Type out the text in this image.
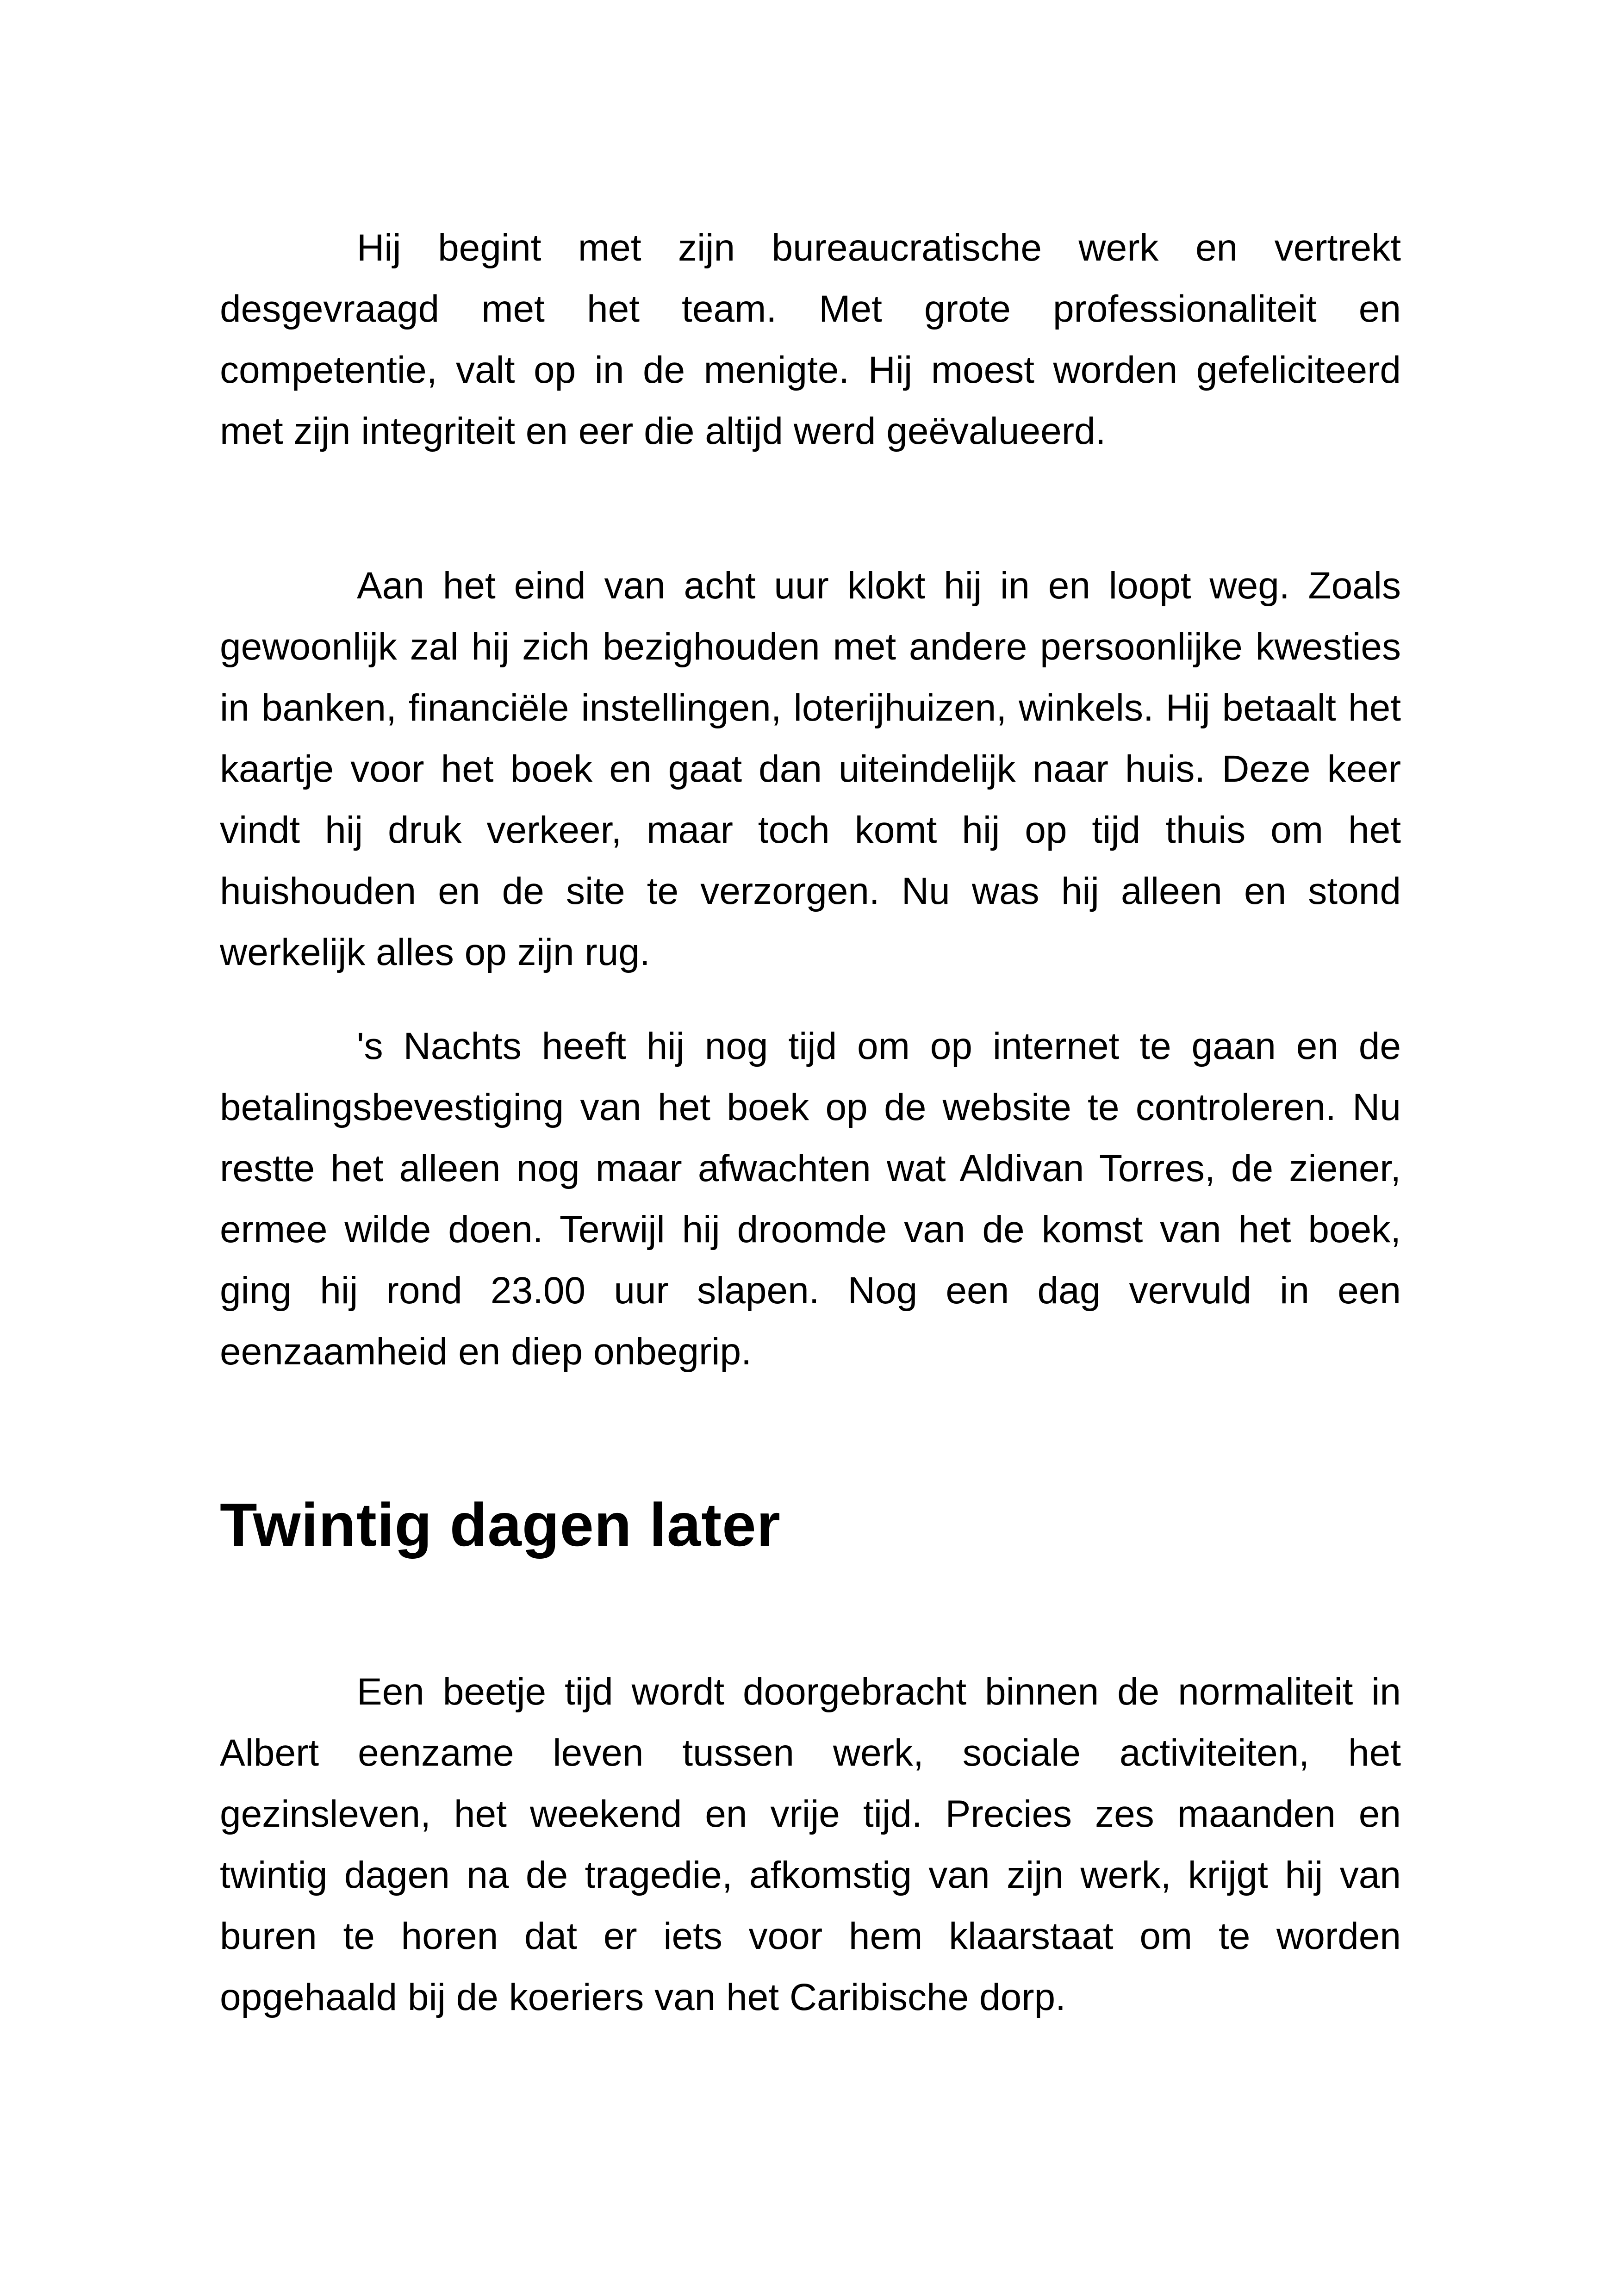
Hij begint met zijn bureaucratische werk en vertrekt desgevraagd met het team. Met grote professionaliteit en competentie, valt op in de menigte. Hij moest worden gefeliciteerd met zijn integriteit en eer die altijd werd geëvalueerd.

Aan het eind van acht uur klokt hij in en loopt weg. Zoals gewoonlijk zal hij zich bezighouden met andere persoonlijke kwesties in banken, financiële instellingen, loterijhuizen, winkels. Hij betaalt het kaartje voor het boek en gaat dan uiteindelijk naar huis. Deze keer vindt hij druk verkeer, maar toch komt hij op tijd thuis om het huishouden en de site te verzorgen. Nu was hij alleen en stond werkelijk alles op zijn rug.

's Nachts heeft hij nog tijd om op internet te gaan en de betalingsbevestiging van het boek op de website te controleren. Nu restte het alleen nog maar afwachten wat Aldivan Torres, de ziener, ermee wilde doen. Terwijl hij droomde van de komst van het boek, ging hij rond 23.00 uur slapen. Nog een dag vervuld in een eenzaamheid en diep onbegrip.

Twintig dagen later

Een beetje tijd wordt doorgebracht binnen de normaliteit in Albert eenzame leven tussen werk, sociale activiteiten, het gezinsleven, het weekend en vrije tijd. Precies zes maanden en twintig dagen na de tragedie, afkomstig van zijn werk, krijgt hij van buren te horen dat er iets voor hem klaarstaat om te worden opgehaald bij de koeriers van het Caribische dorp.
